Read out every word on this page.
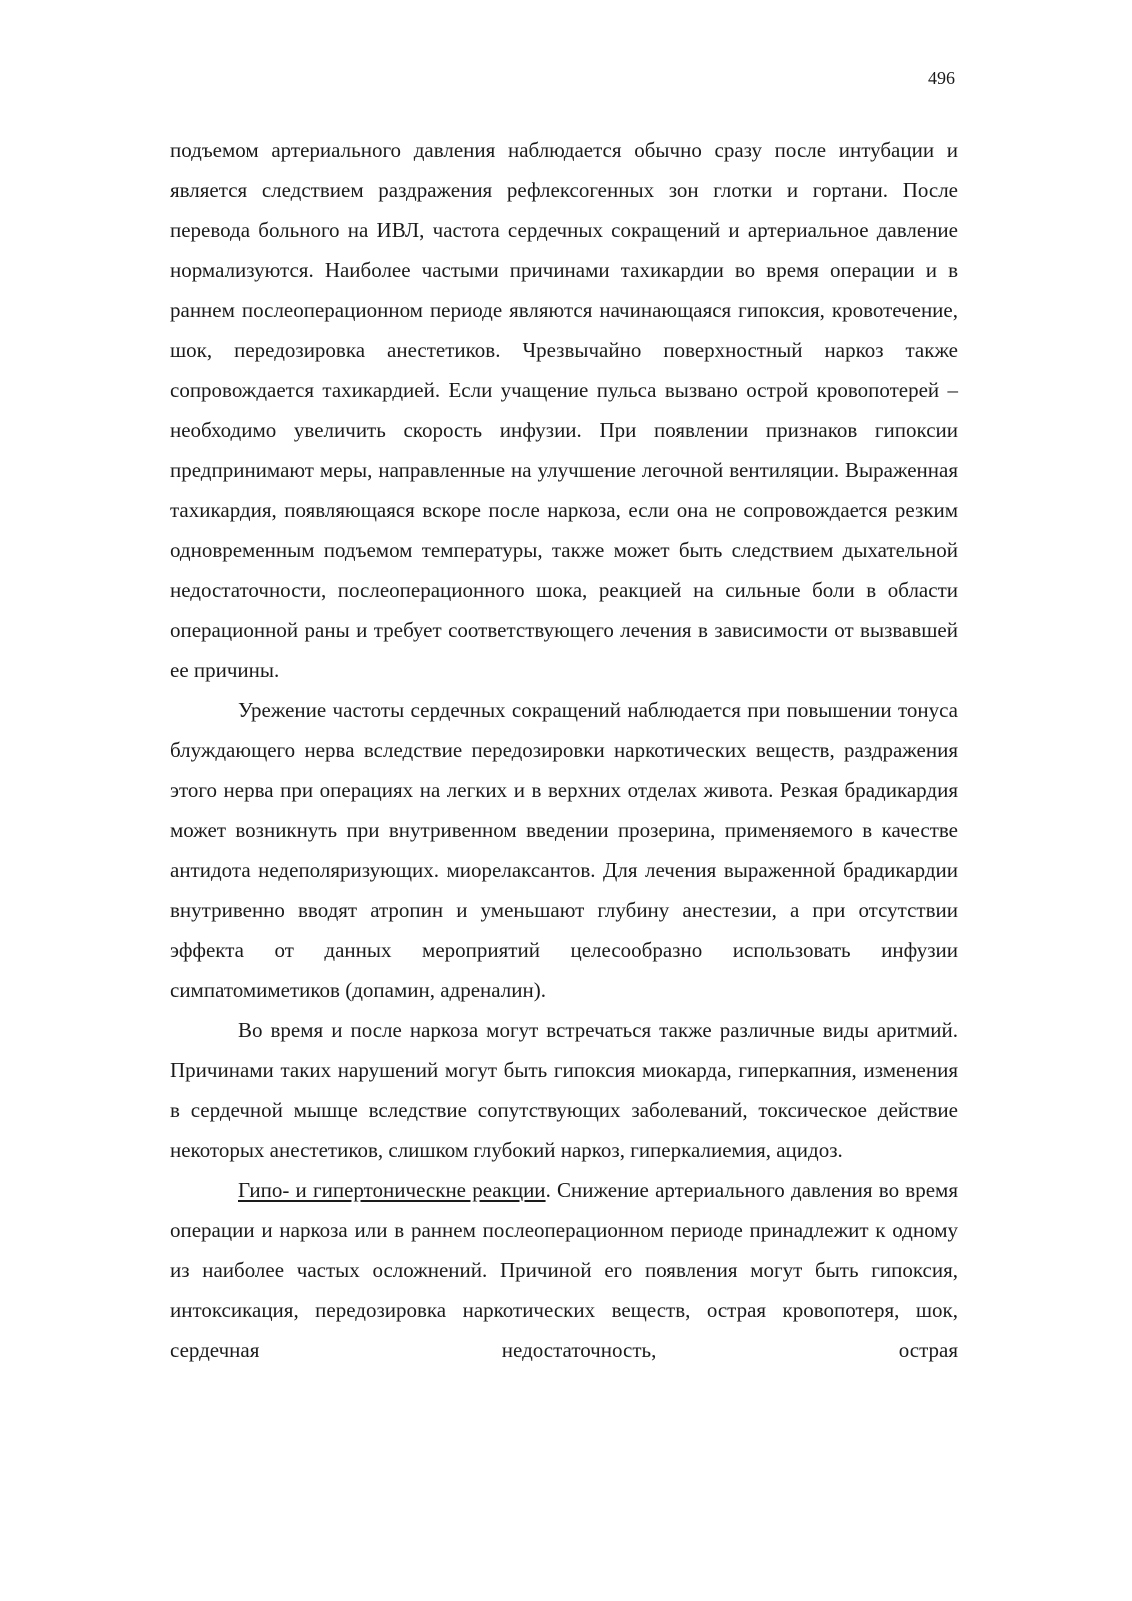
496

подъемом артериального давления наблюдается обычно сразу после интубации и является следствием раздражения рефлексогенных зон глотки и гортани. После перевода больного на ИВЛ, частота сердечных сокращений и артериальное давление нормализуются. Наиболее частыми причинами тахикардии во время операции и в раннем послеоперационном периоде являются начинающаяся гипоксия, кровотечение, шок, передозировка анестетиков. Чрезвычайно поверхностный наркоз также сопровождается тахикардией. Если учащение пульса вызвано острой кровопотерей – необходимо увеличить скорость инфузии. При появлении признаков гипоксии предпринимают меры, направленные на улучшение легочной вентиляции. Выраженная тахикардия, появляющаяся вскоре после наркоза, если она не сопровождается резким одновременным подъемом температуры, также может быть следствием дыхательной недостаточности, послеоперационного шока, реакцией на сильные боли в области операционной раны и требует соответствующего лечения в зависимости от вызвавшей ее причины.

Урежение частоты сердечных сокращений наблюдается при повышении тонуса блуждающего нерва вследствие передозировки наркотических веществ, раздражения этого нерва при операциях на легких и в верхних отделах живота. Резкая брадикардия может возникнуть при внутривенном введении прозерина, применяемого в качестве антидота недеполяризующих. миорелаксантов. Для лечения выраженной брадикардии внутривенно вводят атропин и уменьшают глубину анестезии, а при отсутствии эффекта от данных мероприятий целесообразно использовать инфузии симпатомиметиков (допамин, адреналин).

Во время и после наркоза могут встречаться также различные виды аритмий. Причинами таких нарушений могут быть гипоксия миокарда, гиперкапния, изменения в сердечной мышце вследствие сопутствующих заболеваний, токсическое действие некоторых анестетиков, слишком глубокий наркоз, гиперкалиемия, ацидоз.

Гипо- и гипертоническне реакции. Снижение артериального давления во время операции и наркоза или в раннем послеоперационном периоде принадлежит к одному из наиболее частых осложнений. Причиной его появления могут быть гипоксия, интоксикация, передозировка наркотических веществ, острая кровопотеря, шок, сердечная недостаточность, острая
